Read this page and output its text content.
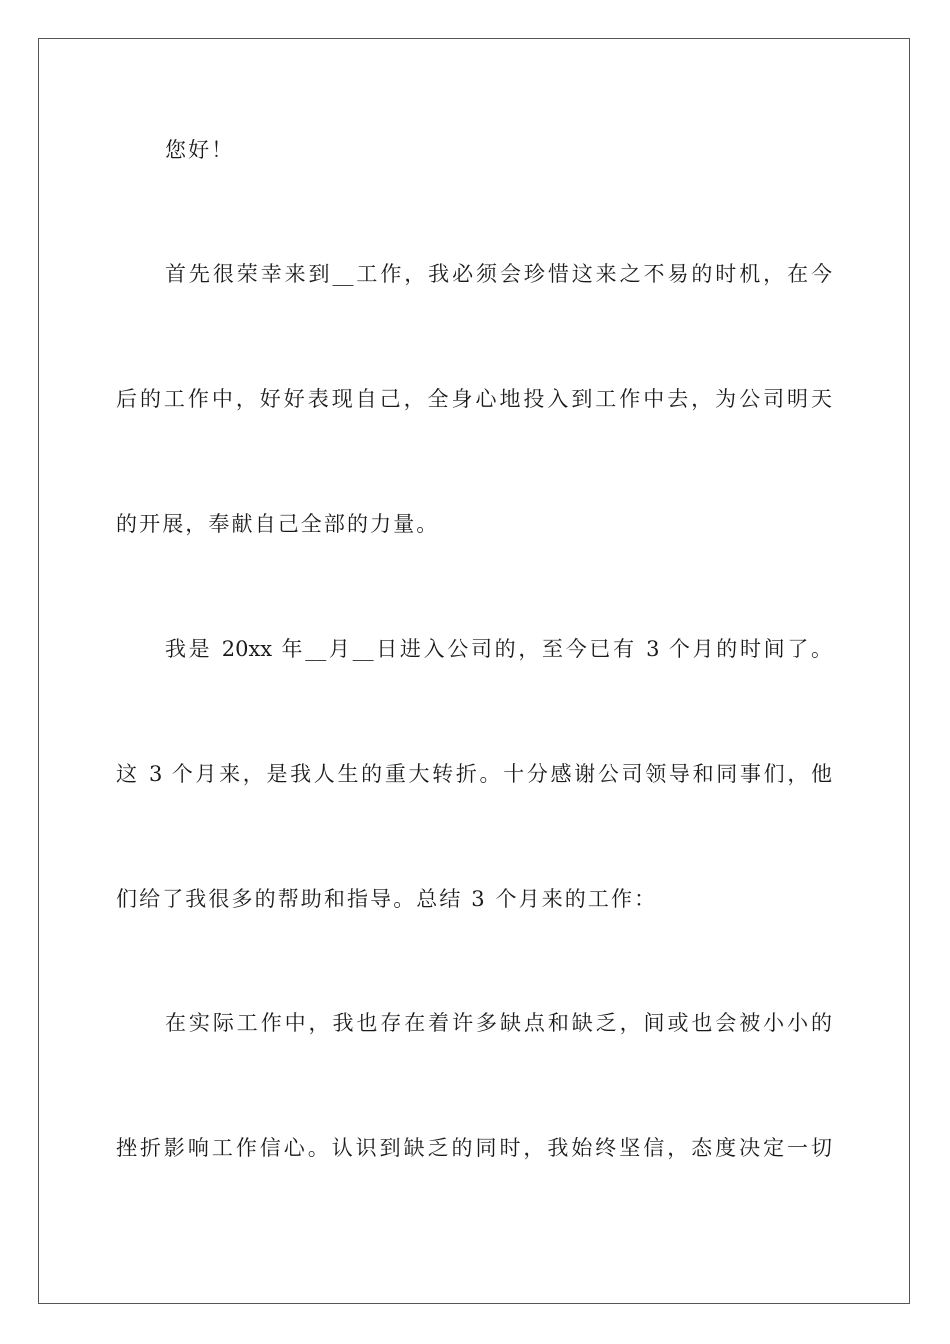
您好！
首先很荣幸来到__工作，我必须会珍惜这来之不易的时机，在今
后的工作中，好好表现自己，全身心地投入到工作中去，为公司明天
的开展，奉献自己全部的力量。
我是 20xx 年__月__日进入公司的，至今已有 3 个月的时间了。
这 3 个月来，是我人生的重大转折。十分感谢公司领导和同事们，他
们给了我很多的帮助和指导。总结 3 个月来的工作：
在实际工作中，我也存在着许多缺点和缺乏，间或也会被小小的
挫折影响工作信心。认识到缺乏的同时，我始终坚信，态度决定一切
